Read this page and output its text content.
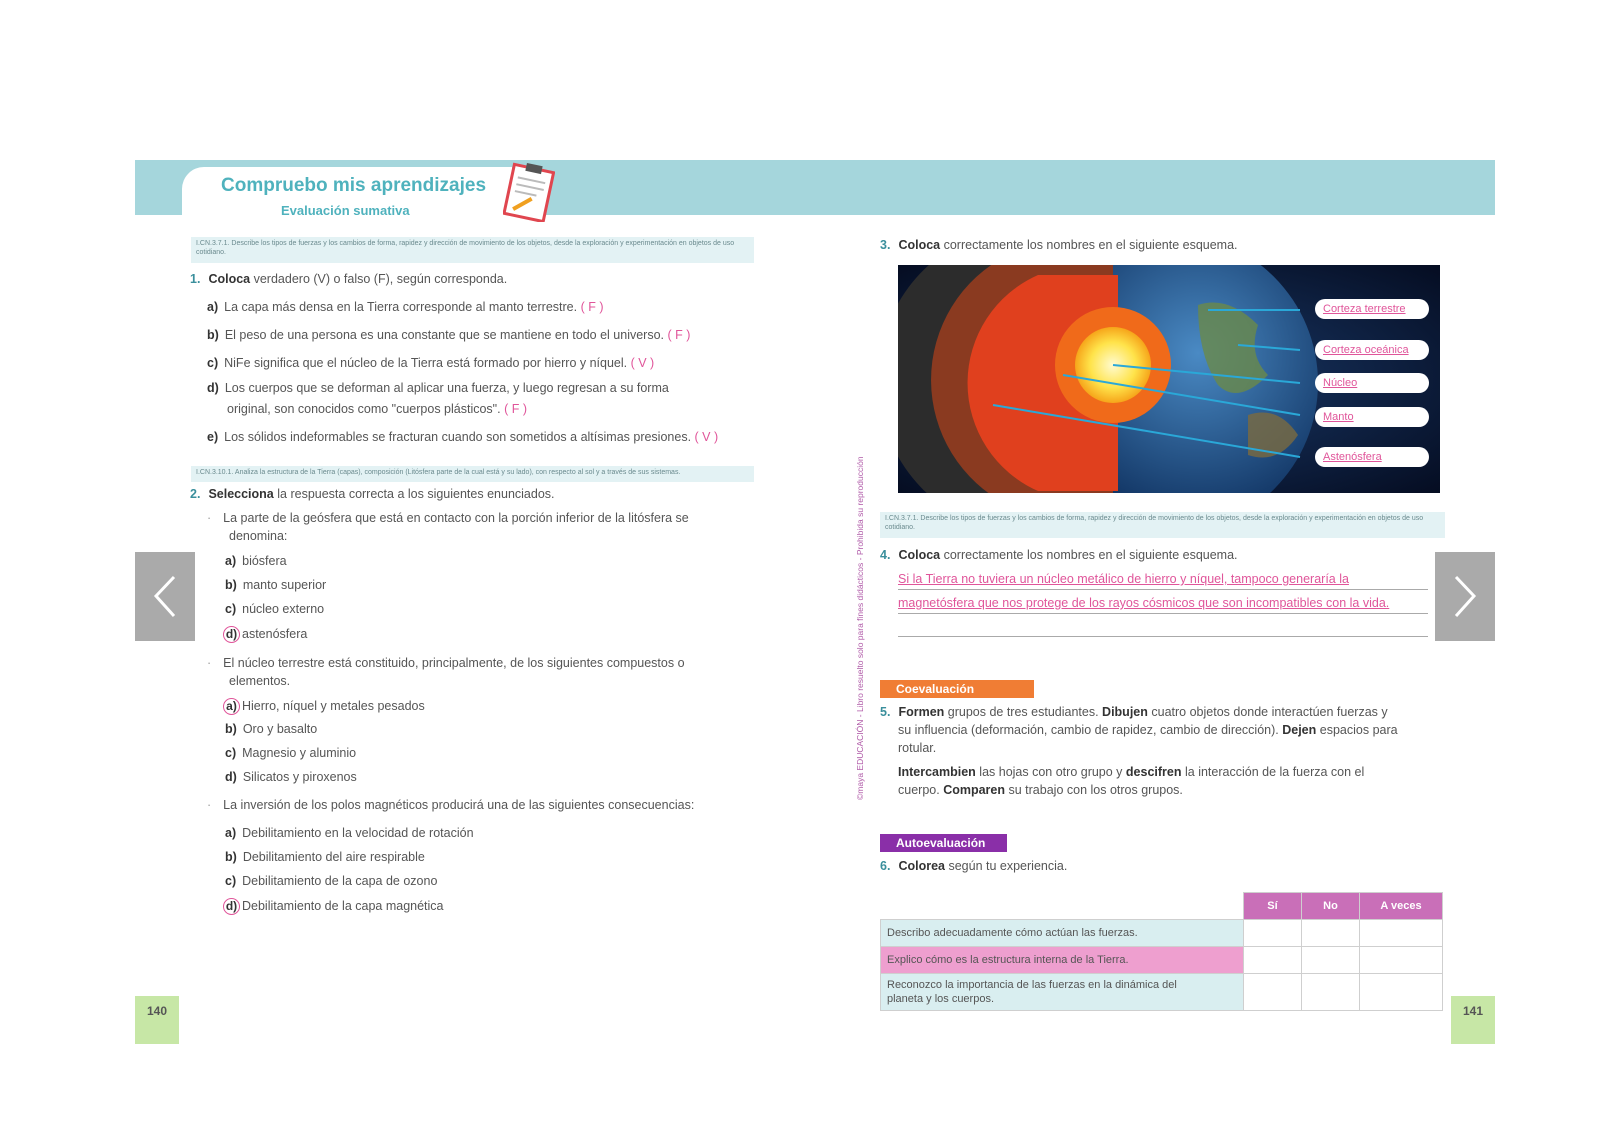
Compruebo mis aprendizajes
Evaluación sumativa
I.CN.3.7.1. Describe los tipos de fuerzas y los cambios de forma, rapidez y dirección de movimiento de los objetos, desde la exploración y experimentación en objetos de uso cotidiano.
1. Coloca verdadero (V) o falso (F), según corresponda.
a) La capa más densa en la Tierra corresponde al manto terrestre. ( F )
b) El peso de una persona es una constante que se mantiene en todo el universo. ( F )
c) NiFe significa que el núcleo de la Tierra está formado por hierro y níquel. ( V )
d) Los cuerpos que se deforman al aplicar una fuerza, y luego regresan a su forma
original, son conocidos como "cuerpos plásticos". ( F )
e) Los sólidos indeformables se fracturan cuando son sometidos a altísimas presiones. ( V )
I.CN.3.10.1. Analiza la estructura de la Tierra (capas), composición (Litósfera parte de la cual está y su lado), con respecto al sol y a través de sus sistemas.
2. Selecciona la respuesta correcta a los siguientes enunciados.
· La parte de la geósfera que está en contacto con la porción inferior de la litósfera se
denomina:
a) biósfera
b) manto superior
c) núcleo externo
d) astenósfera
· El núcleo terrestre está constituido, principalmente, de los siguientes compuestos o
elementos.
a) Hierro, níquel y metales pesados
b) Oro y basalto
c) Magnesio y aluminio
d) Silicatos y piroxenos
· La inversión de los polos magnéticos producirá una de las siguientes consecuencias:
a) Debilitamiento en la velocidad de rotación
b) Debilitamiento del aire respirable
c) Debilitamiento de la capa de ozono
d) Debilitamiento de la capa magnética
140
©maya EDUCACIÓN - Libro resuelto solo para fines didácticos - Prohibida su reproducción
3. Coloca correctamente los nombres en el siguiente esquema.
Corteza terrestre
Corteza oceánica
Núcleo
Manto
Astenósfera
I.CN.3.7.1. Describe los tipos de fuerzas y los cambios de forma, rapidez y dirección de movimiento de los objetos, desde la exploración y experimentación en objetos de uso cotidiano.
4. Coloca correctamente los nombres en el siguiente esquema.
Si la Tierra no tuviera un núcleo metálico de hierro y níquel, tampoco generaría la
magnetósfera que nos protege de los rayos cósmicos que son incompatibles con la vida.
Coevaluación
5. Formen grupos de tres estudiantes. Dibujen cuatro objetos donde interactúen fuerzas y
su influencia (deformación, cambio de rapidez, cambio de dirección). Dejen espacios para
rotular.
Intercambien las hojas con otro grupo y descifren la interacción de la fuerza con el
cuerpo. Comparen su trabajo con los otros grupos.
Autoevaluación
6. Colorea según tu experiencia.
	Sí	No	A veces
Describo adecuadamente cómo actúan las fuerzas.			
Explico cómo es la estructura interna de la Tierra.			
Reconozco la importancia de las fuerzas en la dinámica del
planeta y los cuerpos.			
141
